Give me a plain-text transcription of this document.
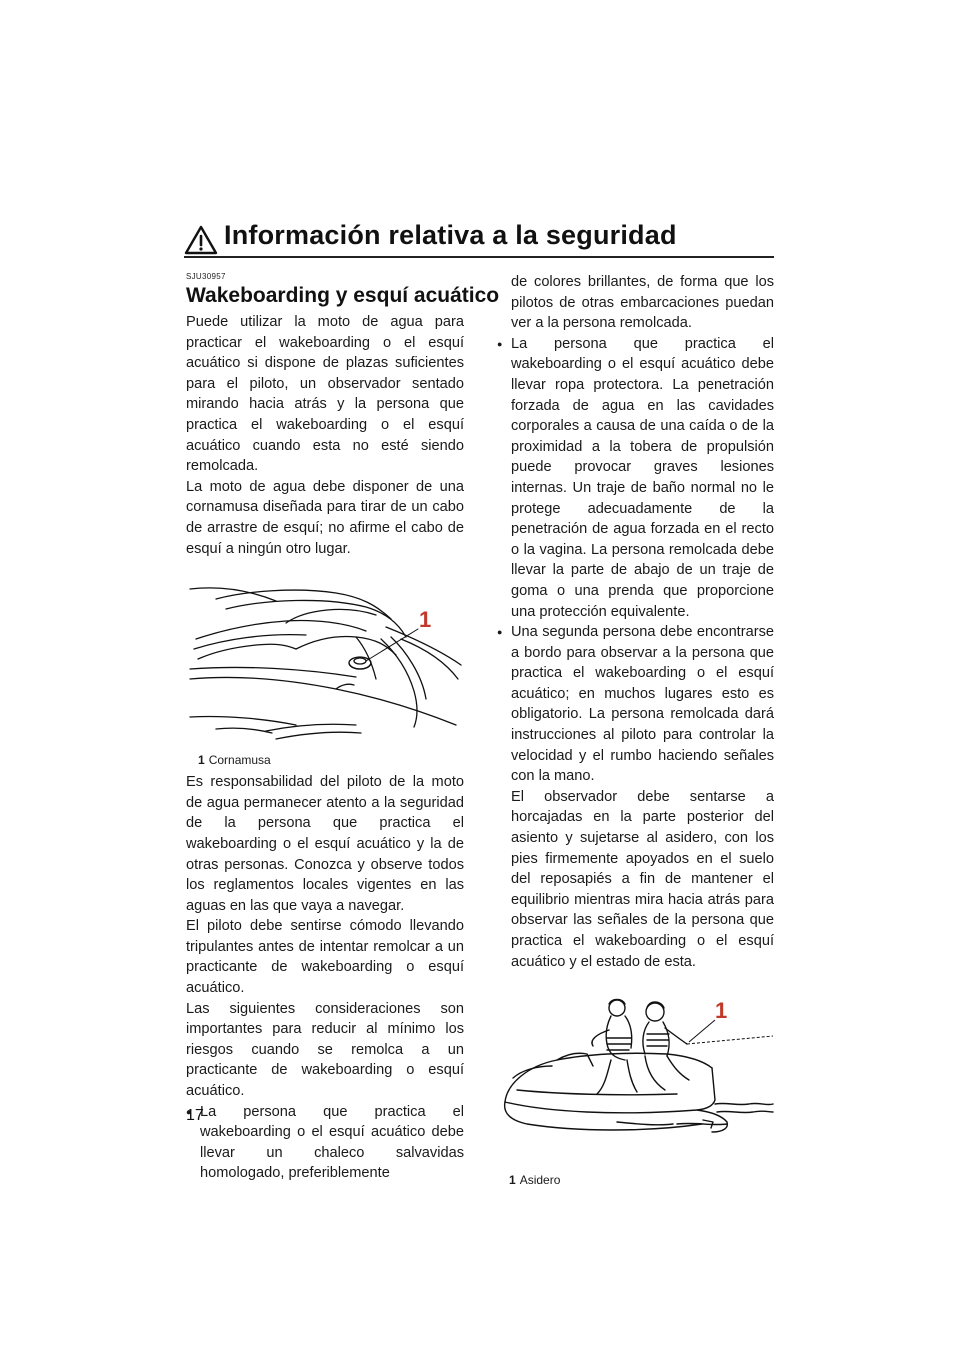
Información relativa a la seguridad
SJU30957
Wakeboarding y esquí acuático

Puede utilizar la moto de agua para practicar el wakeboarding o el esquí acuático si dispone de plazas suficientes para el piloto, un observador sentado mirando hacia atrás y la persona que practica el wakeboarding o el esquí acuático cuando esta no esté siendo remolcada.

La moto de agua debe disponer de una cornamusa diseñada para tirar de un cabo de arrastre de esquí; no afirme el cabo de esquí a ningún otro lugar.

1
1 Cornamusa

Es responsabilidad del piloto de la moto de agua permanecer atento a la seguridad de la persona que practica el wakeboarding o el esquí acuático y la de otras personas. Conozca y observe todos los reglamentos locales vigentes en las aguas en las que vaya a navegar.

El piloto debe sentirse cómodo llevando tripulantes antes de intentar remolcar a un practicante de wakeboarding o esquí acuático.

Las siguientes consideraciones son importantes para reducir al mínimo los riesgos cuando se remolca a un practicante de wakeboarding o esquí acuático.

● La persona que practica el wakeboarding o el esquí acuático debe llevar un chaleco salvavidas homologado, preferiblemente

de colores brillantes, de forma que los pilotos de otras embarcaciones puedan ver a la persona remolcada.

● La persona que practica el wakeboarding o el esquí acuático debe llevar ropa protectora. La penetración forzada de agua en las cavidades corporales a causa de una caída o de la proximidad a la tobera de propulsión puede provocar graves lesiones internas. Un traje de baño normal no le protege adecuadamente de la penetración de agua forzada en el recto o la vagina. La persona remolcada debe llevar la parte de abajo de un traje de goma o una prenda que proporcione una protección equivalente.
● Una segunda persona debe encontrarse a bordo para observar a la persona que practica el wakeboarding o el esquí acuático; en muchos lugares esto es obligatorio. La persona remolcada dará instrucciones al piloto para controlar la velocidad y el rumbo haciendo señales con la mano.

El observador debe sentarse a horcajadas en la parte posterior del asiento y sujetarse al asidero, con los pies firmemente apoyados en el suelo del reposapiés a fin de mantener el equilibrio mientras mira hacia atrás para observar las señales de la persona que practica el wakeboarding o el esquí acuático y el estado de esta.

1
1 Asidero
17
